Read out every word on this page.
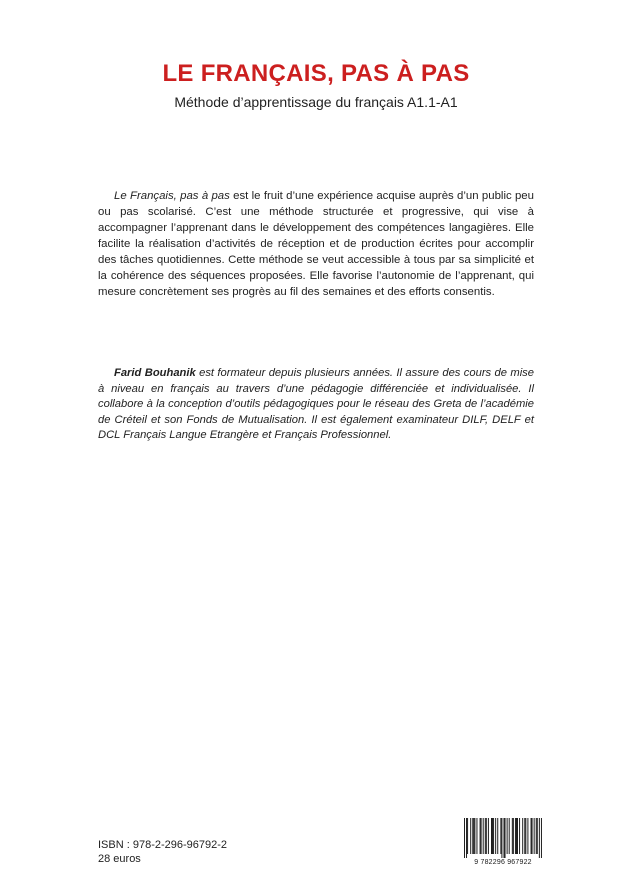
LE FRANÇAIS, PAS À PAS
Méthode d’apprentissage du français A1.1-A1

Le Français, pas à pas est le fruit d’une expérience acquise auprès d’un public peu ou pas scolarisé. C’est une méthode structurée et progressive, qui vise à accompagner l’apprenant dans le développement des compétences langagières. Elle facilite la réalisation d’activités de réception et de production écrites pour accomplir des tâches quotidiennes. Cette méthode se veut accessible à tous par sa simplicité et la cohérence des séquences proposées. Elle favorise l’autonomie de l’apprenant, qui mesure concrètement ses progrès au fil des semaines et des efforts consentis.

Farid Bouhanik est formateur depuis plusieurs années. Il assure des cours de mise à niveau en français au travers d’une pédagogie différenciée et individualisée. Il collabore à la conception d’outils pédagogiques pour le réseau des Greta de l’académie de Créteil et son Fonds de Mutualisation. Il est également examinateur DILF, DELF et DCL Français Langue Etrangère et Français Professionnel.

ISBN : 978-2-296-96792-2
28 euros	9 782296 967922
